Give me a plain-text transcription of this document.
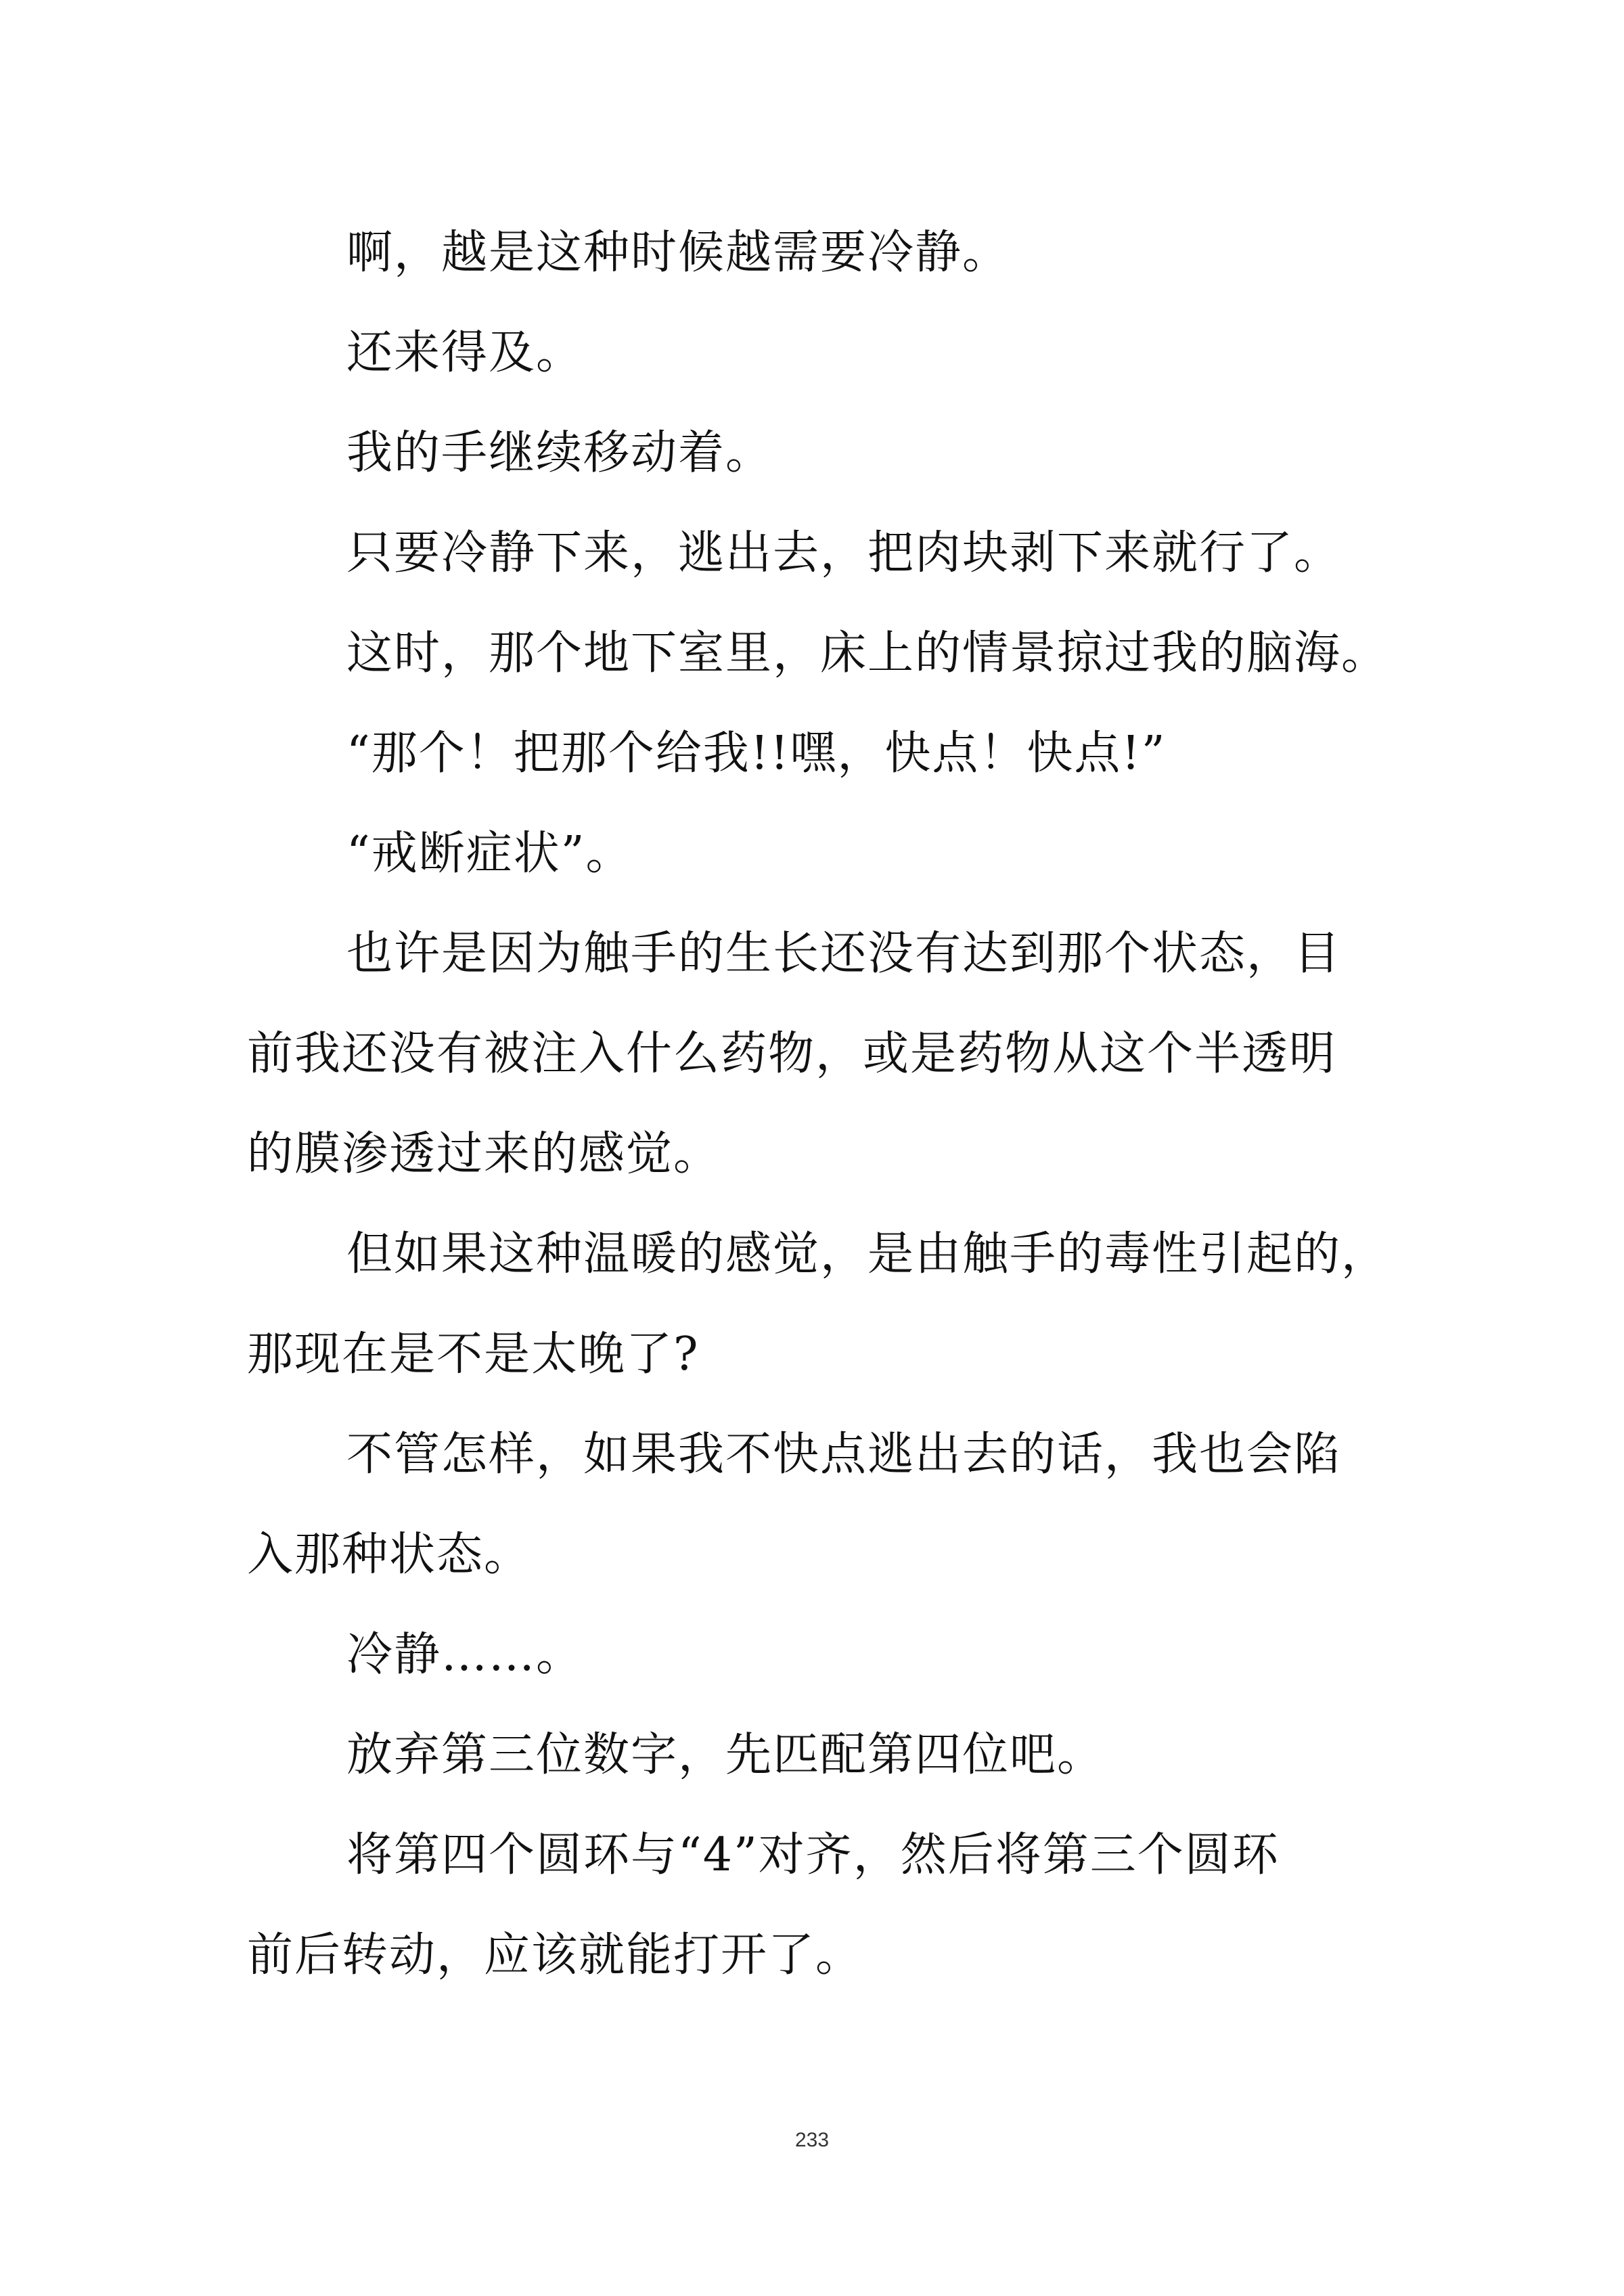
啊，越是这种时候越需要冷静。

还来得及。

我的手继续移动着。

只要冷静下来，逃出去，把肉块剥下来就行了。

这时，那个地下室里，床上的情景掠过我的脑海。

“那个！把那个给我!!嘿，快点！快点!”

“戒断症状”。

也许是因为触手的生长还没有达到那个状态，目

前我还没有被注入什么药物，或是药物从这个半透明

的膜渗透过来的感觉。

但如果这种温暖的感觉，是由触手的毒性引起的，

那现在是不是太晚了?

不管怎样，如果我不快点逃出去的话，我也会陷

入那种状态。

冷静……。

放弃第三位数字，先匹配第四位吧。

将第四个圆环与“4”对齐，然后将第三个圆环

前后转动，应该就能打开了。

233
